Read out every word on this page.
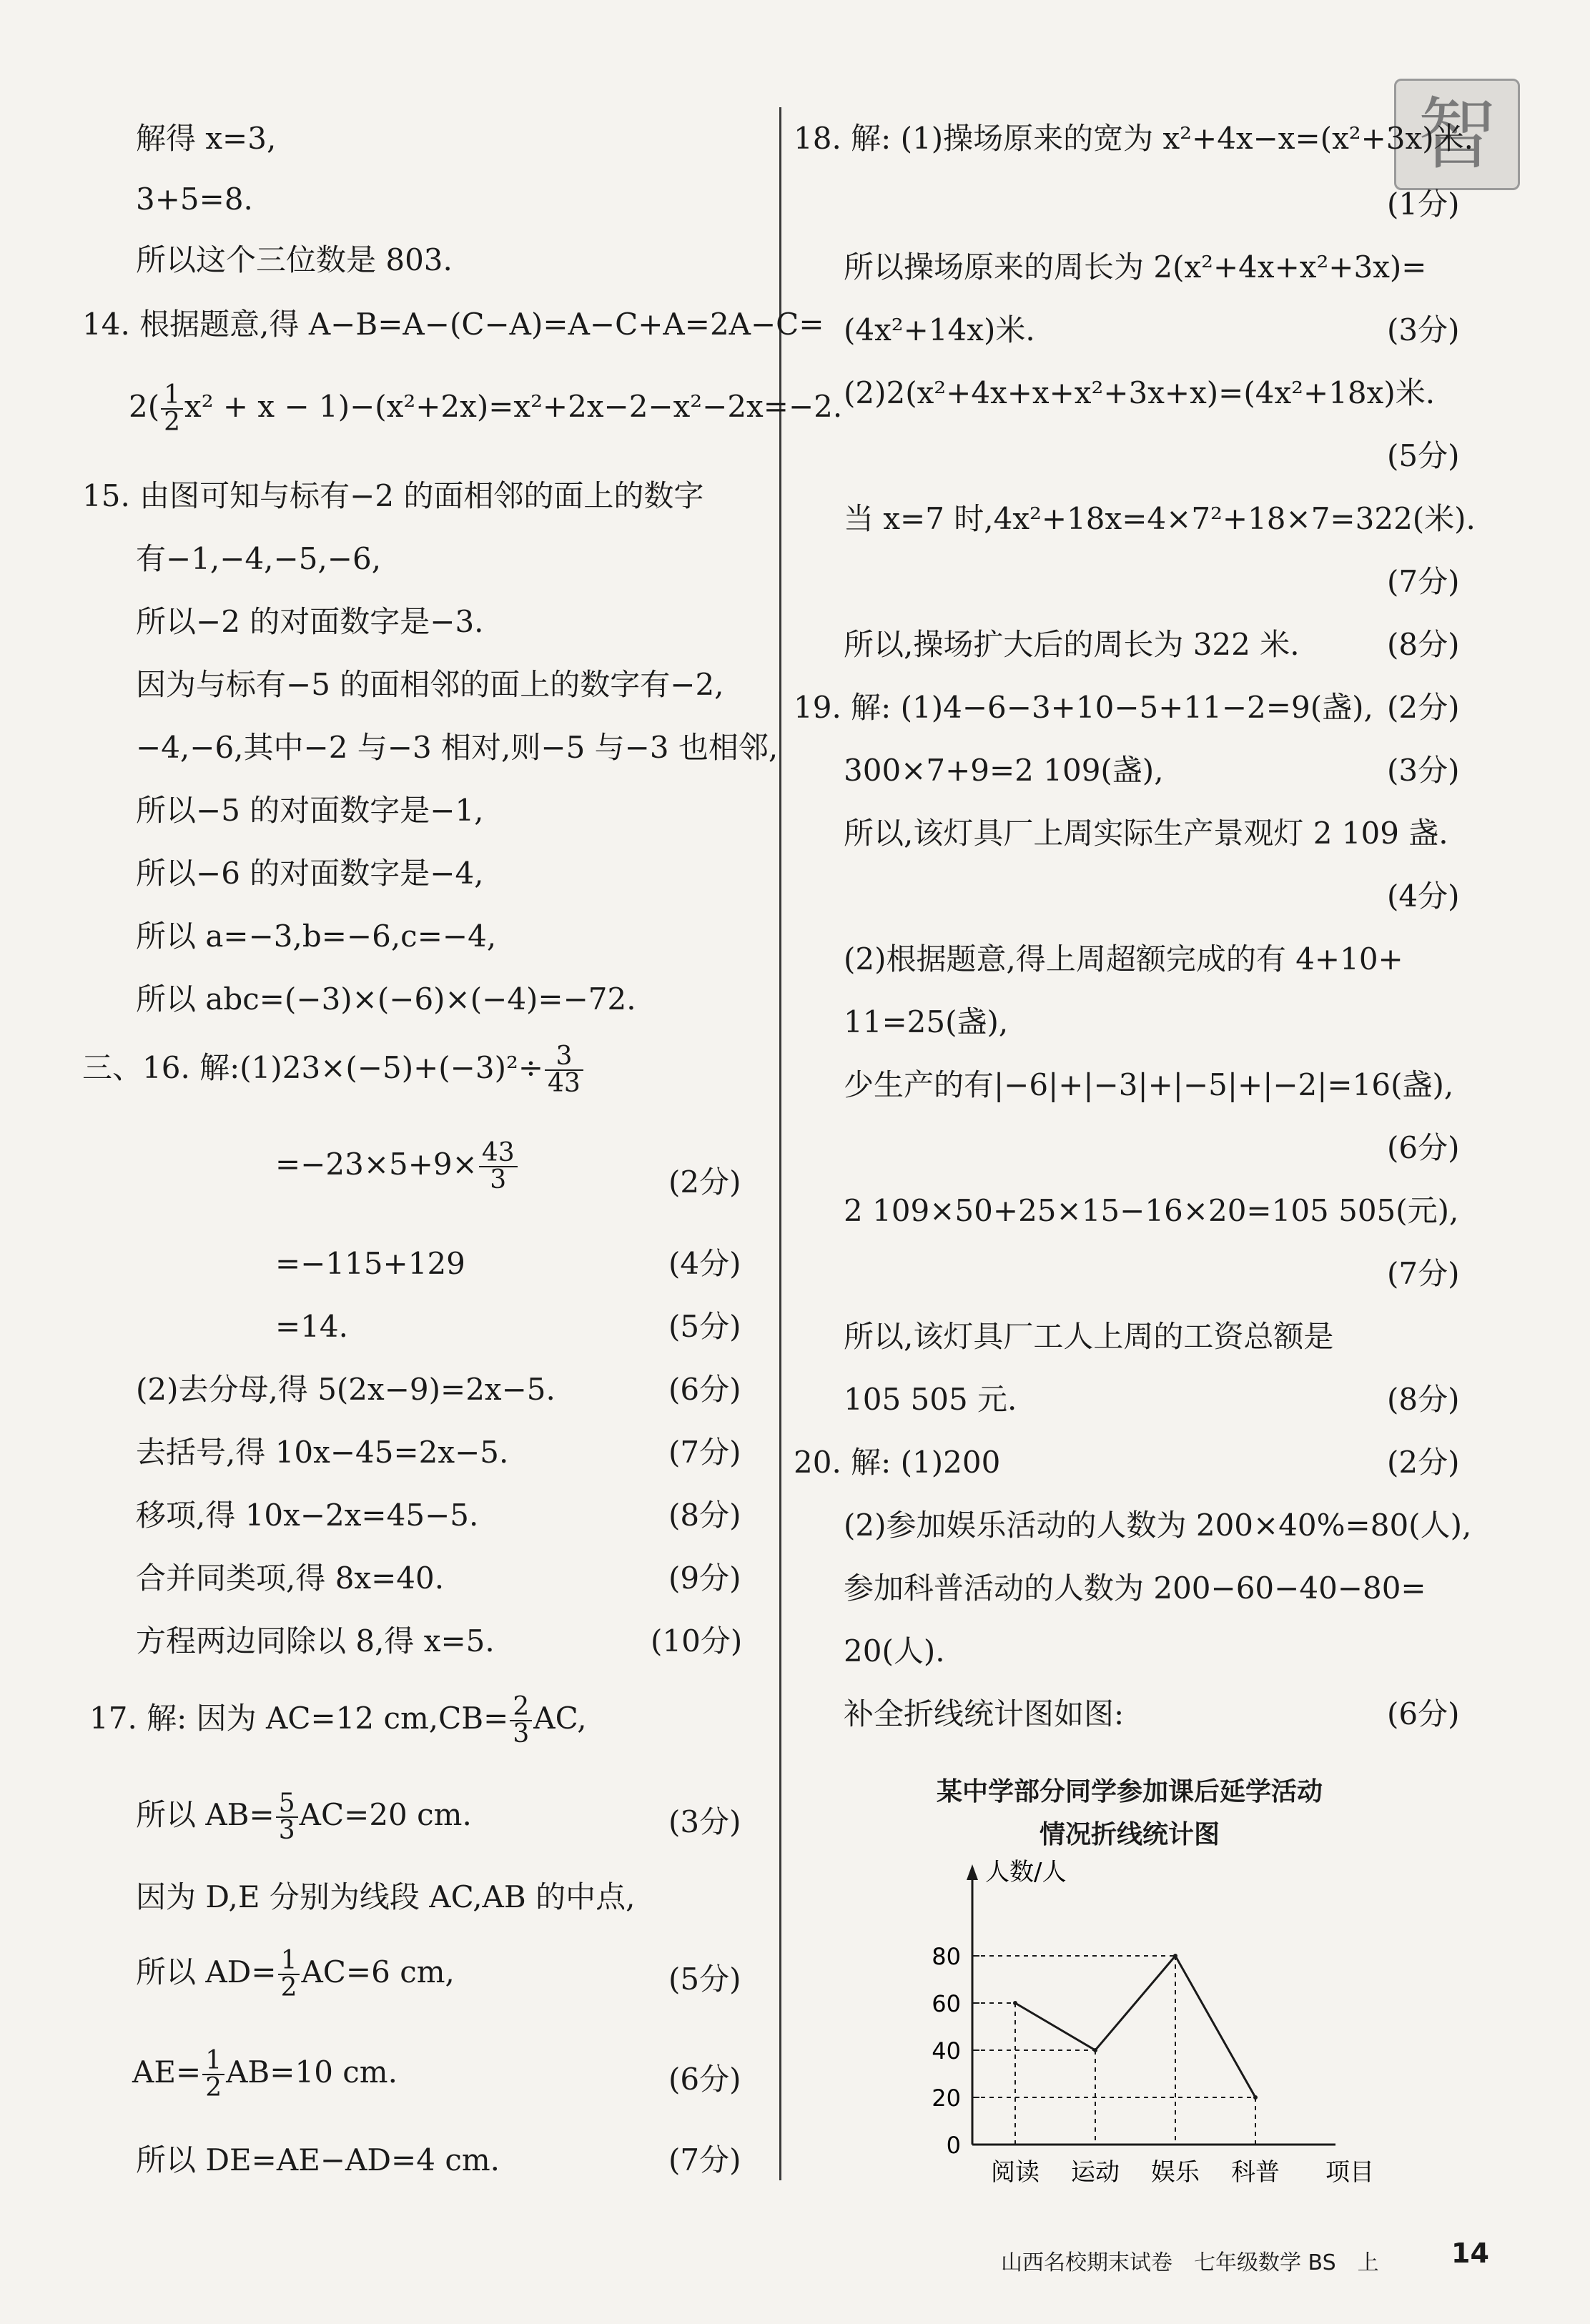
智
解得 x=3,
3+5=8.
所以这个三位数是 803.
14. 根据题意,得 A−B=A−(C−A)=A−C+A=2A−C=
$2( \frac{1}{2} x^2 + x - 1)-(x^2+2x)=x^2+2x-2-x^2-2x=-2$.
15. 由图可知与标有−2 的面相邻的面上的数字
有−1,−4,−5,−6,
所以−2 的对面数字是−3.
因为与标有−5 的面相邻的面上的数字有−2,
−4,−6,其中−2 与−3 相对,则−5 与−3 也相邻,
所以−5 的对面数字是−1,
所以−6 的对面数字是−4,
所以 a=−3,b=−6,c=−4,
所以 abc=(−3)×(−6)×(−4)=−72.
三、16. 解:(1)23×(−5)+(−3)²÷ $\frac{3}{43}$
$=-23\times 5+9\times \frac{43}{3}$	(2分)
=−115+129	(4分)
=14.	(5分)
(2)去分母,得 5(2x−9)=2x−5.	(6分)
去括号,得 10x−45=2x−5.	(7分)
移项,得 10x−2x=45−5.	(8分)
合并同类项,得 8x=40.	(9分)
方程两边同除以 8,得 x=5.	(10分)
17. 解: 因为 AC=12 $cm,CB= \frac{2}{3}$ AC,
所以 $AB= \frac{5}{3} AC=20$ cm.	(3分)
因为 D,E 分别为线段 AC,AB 的中点,
所以 $AD= \frac{1}{2} AC=6$ cm,	(5分)
$AE= \frac{1}{2} AB=10$ cm.	(6分)
所以 DE=AE−AD=4 cm.	(7分)
18. 解: (1)操场原来的宽为 x²+4x−x=(x²+3x)米.
(1分)
所以操场原来的周长为 2(x²+4x+x²+3x)=
(4x²+14x)米.	(3分)
(2)2(x²+4x+x+x²+3x+x)=(4x²+18x)米.
(5分)
当 x=7 时,4x²+18x=4×7²+18×7=322(米).
(7分)
所以,操场扩大后的周长为 322 米.	(8分)
19. 解: (1)4−6−3+10−5+11−2=9(盏), (2分)
300×7+9=2 109(盏),	(3分)
所以,该灯具厂上周实际生产景观灯 2 109 盏.
(4分)
(2)根据题意,得上周超额完成的有 4+10+
11=25(盏),
少生产的有|−6|+|−3|+|−5|+|−2|=16(盏),
(6分)
2 109×50+25×15−16×20=105 505(元),
(7分)
所以,该灯具厂工人上周的工资总额是
105 505 元.	(8分)
20. 解: (1)200	(2分)
(2)参加娱乐活动的人数为 200×40%=80(人),
参加科普活动的人数为 200−60−40−80=
20(人).
补全折线统计图如图:	(6分)
某中学部分同学参加课后延学活动
情况折线统计图
人数/人
0
20
40
60
80
阅读 运动 娱乐 科普 项目
山西名校期末试卷　七年级数学 BS　上	14
